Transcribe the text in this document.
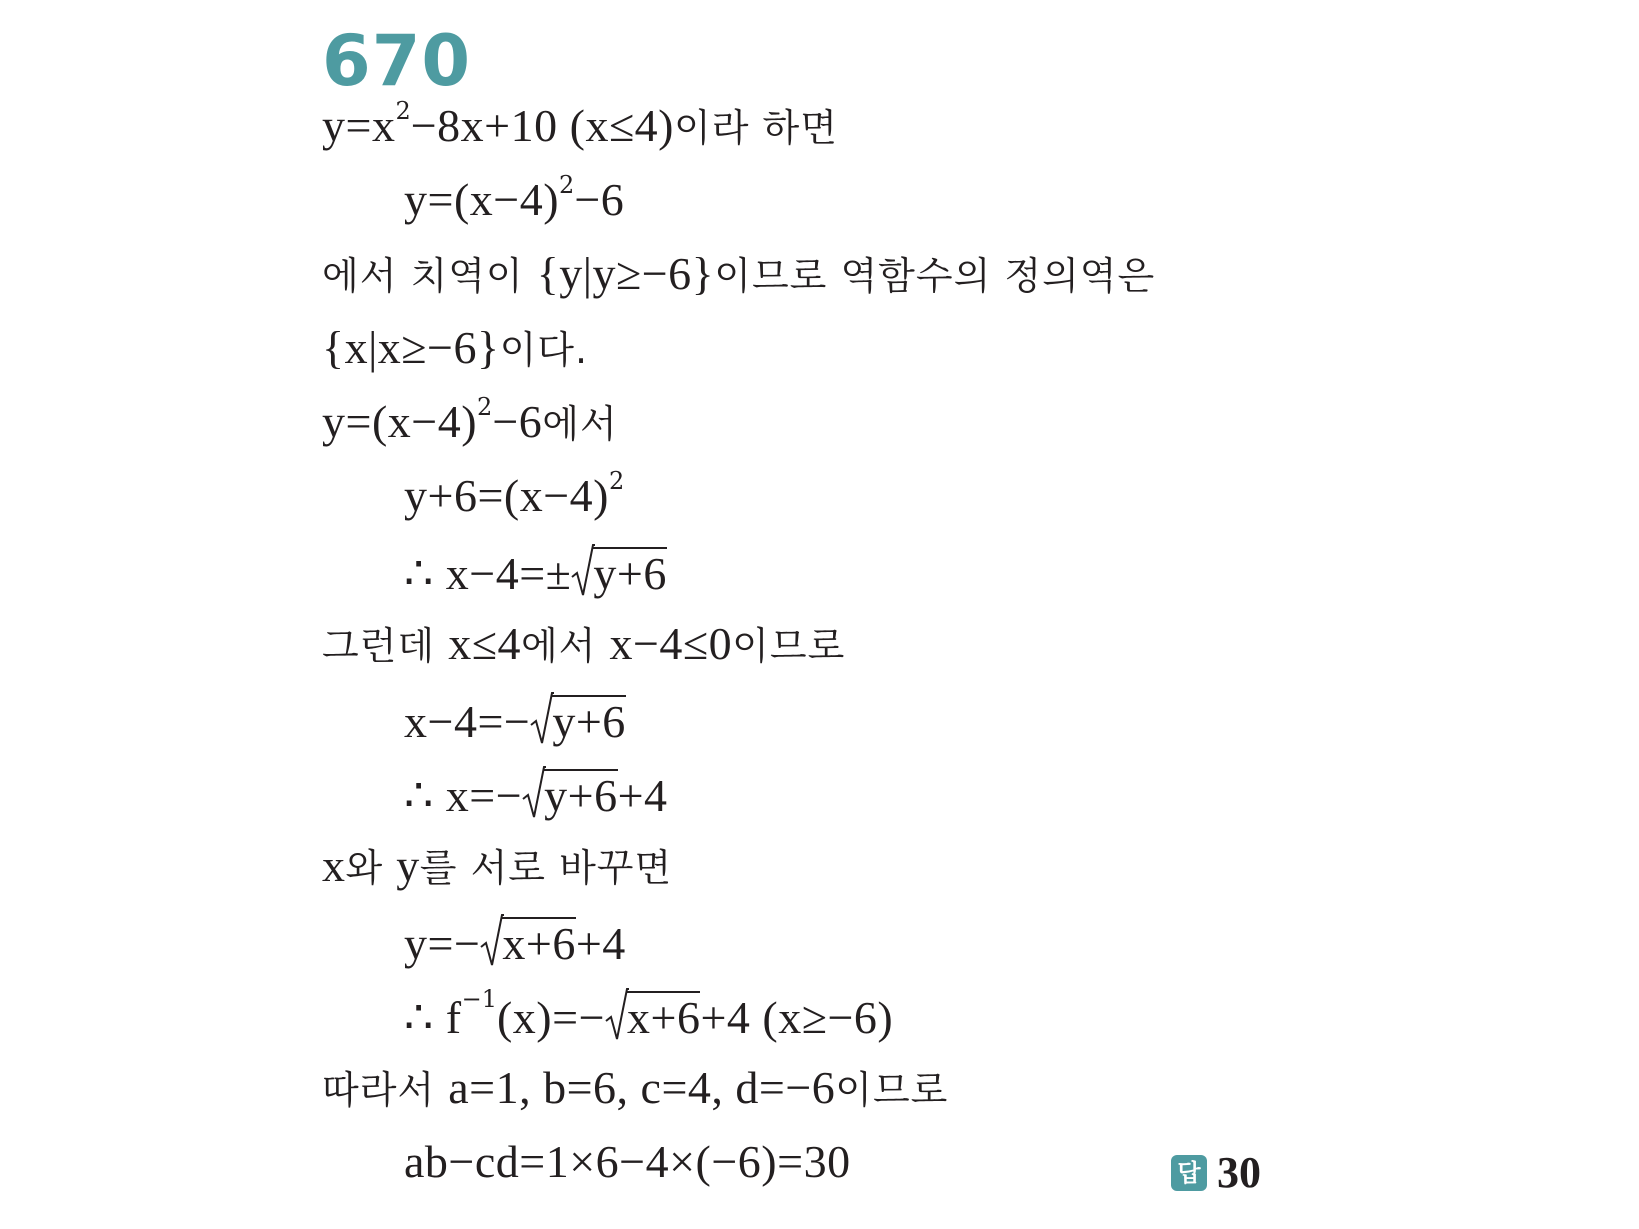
670
$y=x^2-8x+10$ (x≤4)이라 하면
$y=(x-4)^2-6$
에서 치역이 {y|y≥−6}이므로 역함수의 정의역은
{x|x≥−6}이다.
$y=(x-4)^2-6$에서
$y+6=(x-4)^2$
∴ x−4=± y+6
그런데 x≤4에서 x−4≤0이므로
x−4=− y+6
∴ x=− y+6+4
x와 y를 서로 바꾸면
y=− x+6+4
∴ $f^{-1}(x)=- x+6+4$ (x≥−6)
따라서 a=1, b=6, c=4, d=−6이므로
ab−cd=1×6−4×(−6)=30	답 30
